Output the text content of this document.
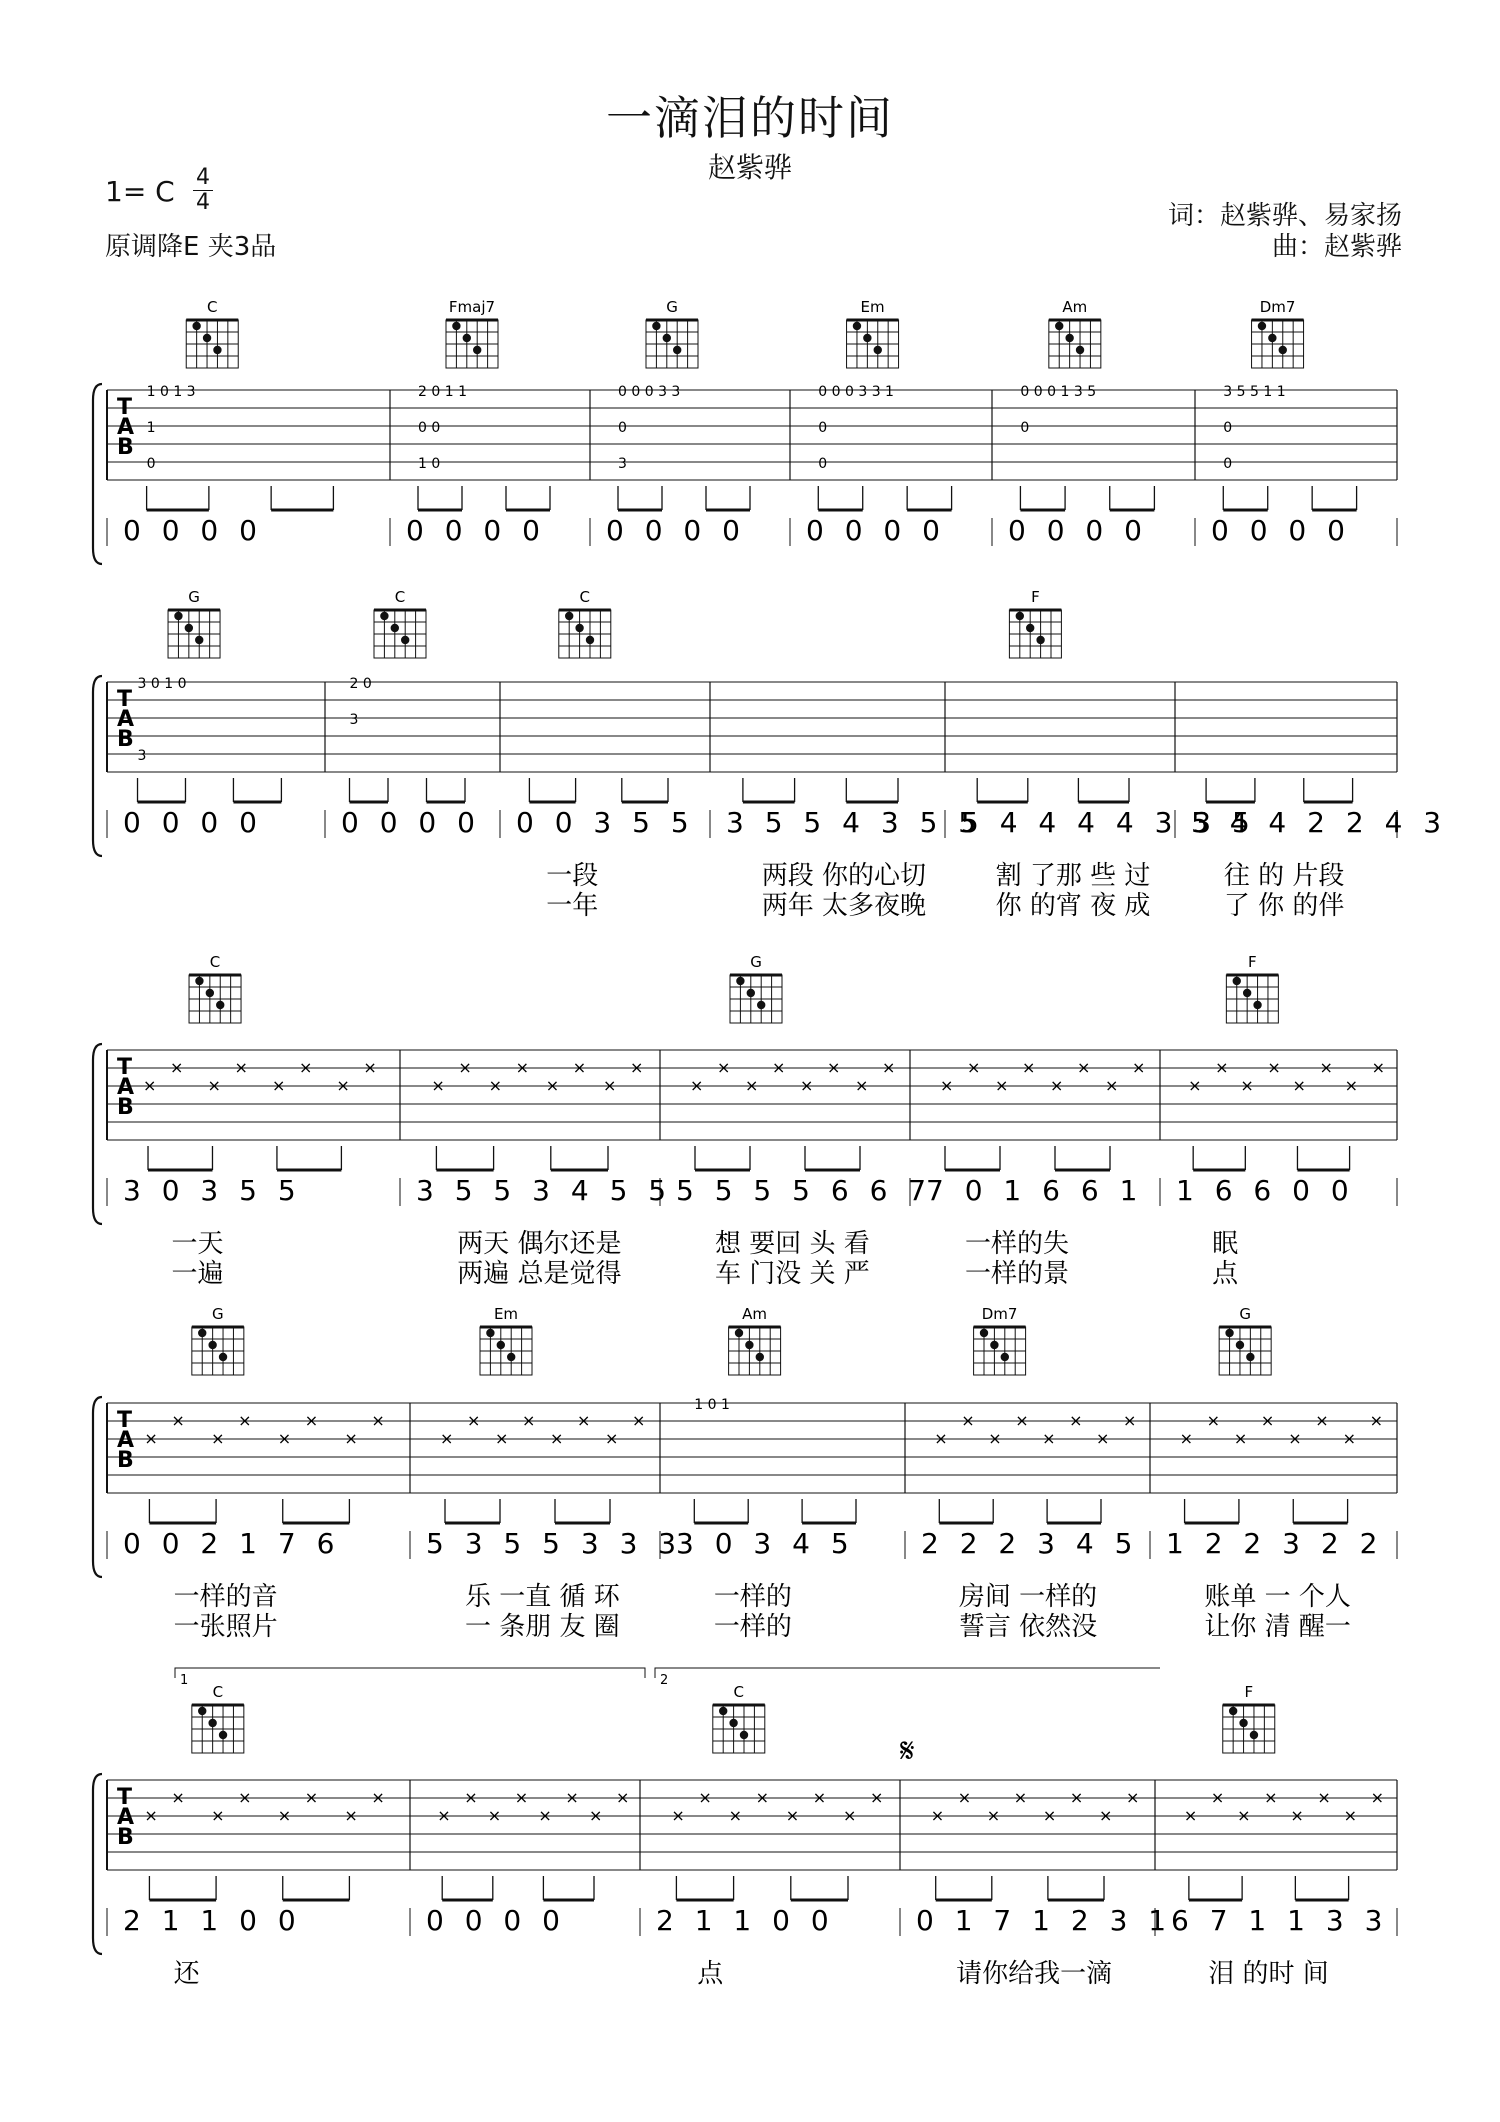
一滴泪的时间
赵紫骅
1= C 4
4
原调降E 夹3品
词：赵紫骅、易家扬
曲：赵紫骅
T
A
B
C
1 0 1 3
1
0
0 0 0 0
Fmaj7
2 0 1 1
0 0
1 0
0 0 0 0
G
0 0 0 3 3
0
3
0 0 0 0
Em
0 0 0 3 3 1
0
0
0 0 0 0
Am
0 0 0 1 3 5
0
0 0 0 0
Dm7
3 5 5 1 1
0
0
0 0 0 0
T
A
B
G
3 0 1 0
3
0 0 0 0
C
2 0
3
0 0 0 0
C
0 0 3 5 5
一段
一年
3 5 5 4 3 5 5
两段 你的心切
两年 太多夜晚
F
5 4 4 4 4 3 3 5
割 了那 些 过
你 的宵 夜 成
5 4 4 2 2 4 3
往 的 片段
了 你 的伴
T
A
B
C
×
×
×
×
×
×
×
×
3 0 3 5 5
一天
一遍
×
×
×
×
×
×
×
×
3 5 5 3 4 5 5
两天 偶尔还是
两遍 总是觉得
G
×
×
×
×
×
×
×
×
5 5 5 5 6 6 7
想 要回 头 看
车 门没 关 严
×
×
×
×
×
×
×
×
7 0 1 6 6 1
一样的失
一样的景
F
×
×
×
×
×
×
×
×
1 6 6 0 0
眠
点
T
A
B
G
×
×
×
×
×
×
×
×
0 0 2 1 7 6
一样的音
一张照片
Em
×
×
×
×
×
×
×
×
5 3 5 5 3 3 3
乐 一直 循 环
一 条朋 友 圈
Am
1 0 1
3 0 3 4 5
一样的
一样的
Dm7
×
×
×
×
×
×
×
×
2 2 2 3 4 5
房间 一样的
誓言 依然没
G
×
×
×
×
×
×
×
×
1 2 2 3 2 2
账单 一 个人
让你 清 醒一
T
A
B
C
×
×
×
×
×
×
×
×
2 1 1 0 0
还
×
×
×
×
×
×
×
×
0 0 0 0
C
×
×
×
×
×
×
×
×
2 1 1 0 0
点
×
×
×
×
×
×
×
×
0 1 7 1 2 3 1
请你给我一滴
F
×
×
×
×
×
×
×
×
6 7 1 1 3 3
泪 的时 间
1	2
𝄋
